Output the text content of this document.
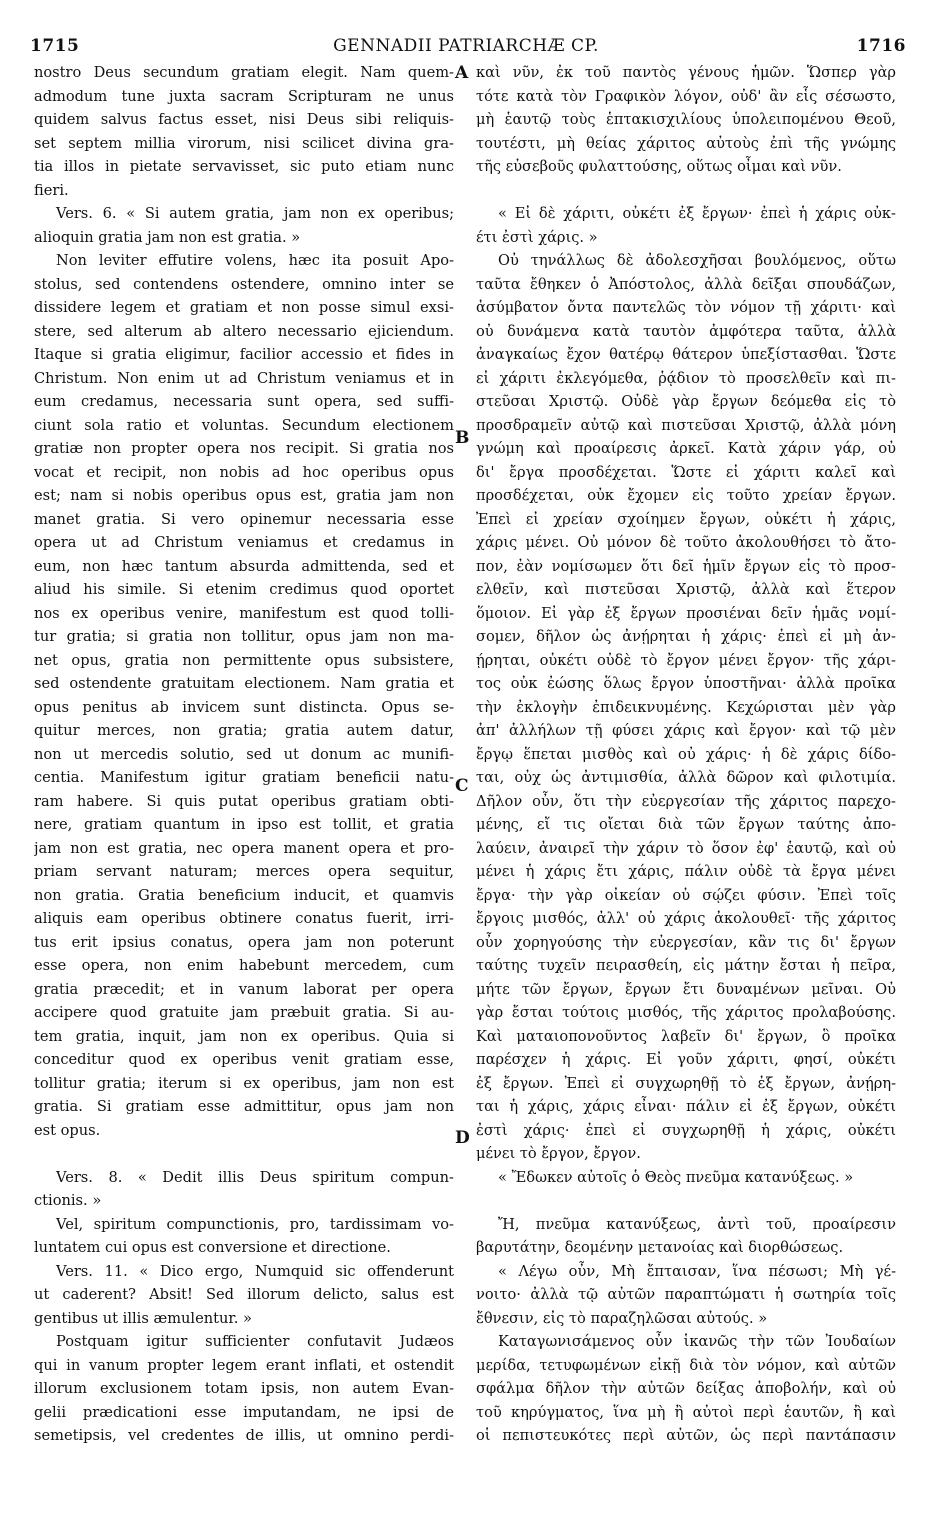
1715	GENNADII PATRIARCHÆ CP.	1716
A
B
C
D
nostro Deus secundum gratiam elegit. Nam quem-
admodum tune juxta sacram Scripturam ne unus
quidem salvus factus esset, nisi Deus sibi reliquis-
set septem millia virorum, nisi scilicet divina gra-
tia illos in pietate servavisset, sic puto etiam nunc
fieri.
Vers. 6. « Si autem gratia, jam non ex operibus;
alioquin gratia jam non est gratia. »
Non leviter effutire volens, hæc ita posuit Apo-
stolus, sed contendens ostendere, omnino inter se
dissidere legem et gratiam et non posse simul exsi-
stere, sed alterum ab altero necessario ejiciendum.
Itaque si gratia eligimur, facilior accessio et fides in
Christum. Non enim ut ad Christum veniamus et in
eum credamus, necessaria sunt opera, sed suffi-
ciunt sola ratio et voluntas. Secundum electionem
gratiæ non propter opera nos recipit. Si gratia nos
vocat et recipit, non nobis ad hoc operibus opus
est; nam si nobis operibus opus est, gratia jam non
manet gratia. Si vero opinemur necessaria esse
opera ut ad Christum veniamus et credamus in
eum, non hæc tantum absurda admittenda, sed et
aliud his simile. Si etenim credimus quod oportet
nos ex operibus venire, manifestum est quod tolli-
tur gratia; si gratia non tollitur, opus jam non ma-
net opus, gratia non permittente opus subsistere,
sed ostendente gratuitam electionem. Nam gratia et
opus penitus ab invicem sunt distincta. Opus se-
quitur merces, non gratia; gratia autem datur,
non ut mercedis solutio, sed ut donum ac munifi-
centia. Manifestum igitur gratiam beneficii natu-
ram habere. Si quis putat operibus gratiam obti-
nere, gratiam quantum in ipso est tollit, et gratia
jam non est gratia, nec opera manent opera et pro-
priam servant naturam; merces opera sequitur,
non gratia. Gratia beneficium inducit, et quamvis
aliquis eam operibus obtinere conatus fuerit, irri-
tus erit ipsius conatus, opera jam non poterunt
esse opera, non enim habebunt mercedem, cum
gratia præcedit; et in vanum laborat per opera
accipere quod gratuite jam præbuit gratia. Si au-
tem gratia, inquit, jam non ex operibus. Quia si
conceditur quod ex operibus venit gratiam esse,
tollitur gratia; iterum si ex operibus, jam non est
gratia. Si gratiam esse admittitur, opus jam non
est opus.
Vers. 8. « Dedit illis Deus spiritum compun-
ctionis. »
Vel, spiritum compunctionis, pro, tardissimam vo-
luntatem cui opus est conversione et directione.
Vers. 11. « Dico ergo, Numquid sic offenderunt
ut caderent? Absit! Sed illorum delicto, salus est
gentibus ut illis æmulentur. »
Postquam igitur sufficienter confutavit Judæos
qui in vanum propter legem erant inflati, et ostendit
illorum exclusionem totam ipsis, non autem Evan-
gelii prædicationi esse imputandam, ne ipsi de
semetipsis, vel credentes de illis, ut omnino perdi-
καὶ νῦν, ἐκ τοῦ παντὸς γένους ἡμῶν. Ὥσπερ γὰρ
τότε κατὰ τὸν Γραφικὸν λόγον, οὐδ' ἂν εἷς σέσωστο,
μὴ ἑαυτῷ τοὺς ἑπτακισχιλίους ὑπολειπομένου Θεοῦ,
τουτέστι, μὴ θείας χάριτος αὐτοὺς ἐπὶ τῆς γνώμης
τῆς εὐσεβοῦς φυλαττούσης, οὕτως οἶμαι καὶ νῦν.
« Εἰ δὲ χάριτι, οὐκέτι ἐξ ἔργων· ἐπεὶ ἡ χάρις οὐκ-
έτι ἐστὶ χάρις. »
Οὐ τηνάλλως δὲ ἀδολεσχῆσαι βουλόμενος, οὕτω
ταῦτα ἔθηκεν ὁ Ἀπόστολος, ἀλλὰ δεῖξαι σπουδάζων,
ἀσύμβατον ὄντα παντελῶς τὸν νόμον τῇ χάριτι· καὶ
οὐ δυνάμενα κατὰ ταυτὸν ἀμφότερα ταῦτα, ἀλλὰ
ἀναγκαίως ἔχον θατέρῳ θάτερον ὑπεξίστασθαι. Ὥστε
εἰ χάριτι ἐκλεγόμεθα, ῥᾴδιον τὸ προσελθεῖν καὶ πι-
στεῦσαι Χριστῷ. Οὐδὲ γὰρ ἔργων δεόμεθα εἰς τὸ
προσδραμεῖν αὐτῷ καὶ πιστεῦσαι Χριστῷ, ἀλλὰ μόνη
γνώμη καὶ προαίρεσις ἀρκεῖ. Κατὰ χάριν γάρ, οὐ
δι' ἔργα προσδέχεται. Ὥστε εἰ χάριτι καλεῖ καὶ
προσδέχεται, οὐκ ἔχομεν εἰς τοῦτο χρείαν ἔργων.
Ἐπεὶ εἰ χρείαν σχοίημεν ἔργων, οὐκέτι ἡ χάρις,
χάρις μένει. Οὐ μόνον δὲ τοῦτο ἀκολουθήσει τὸ ἄτο-
πον, ἐὰν νομίσωμεν ὅτι δεῖ ἡμῖν ἔργων εἰς τὸ προσ-
ελθεῖν, καὶ πιστεῦσαι Χριστῷ, ἀλλὰ καὶ ἕτερον
ὅμοιον. Εἰ γὰρ ἐξ ἔργων προσιέναι δεῖν ἡμᾶς νομί-
σομεν, δῆλον ὡς ἀνῄρηται ἡ χάρις· ἐπεὶ εἰ μὴ ἀν-
ῄρηται, οὐκέτι οὐδὲ τὸ ἔργον μένει ἔργον· τῆς χάρι-
τος οὐκ ἐώσης ὅλως ἔργον ὑποστῆναι· ἀλλὰ προῖκα
τὴν ἐκλογὴν ἐπιδεικνυμένης. Κεχώρισται μὲν γὰρ
ἀπ' ἀλλήλων τῇ φύσει χάρις καὶ ἔργον· καὶ τῷ μὲν
ἔργῳ ἕπεται μισθὸς καὶ οὐ χάρις· ἡ δὲ χάρις δίδο-
ται, οὐχ ὡς ἀντιμισθία, ἀλλὰ δῶρον καὶ φιλοτιμία.
Δῆλον οὖν, ὅτι τὴν εὐεργεσίαν τῆς χάριτος παρεχο-
μένης, εἴ τις οἴεται διὰ τῶν ἔργων ταύτης ἀπο-
λαύειν, ἀναιρεῖ τὴν χάριν τὸ ὅσον ἐφ' ἑαυτῷ, καὶ οὐ
μένει ἡ χάρις ἔτι χάρις, πάλιν οὐδὲ τὰ ἔργα μένει
ἔργα· τὴν γὰρ οἰκείαν οὐ σῴζει φύσιν. Ἐπεὶ τοῖς
ἔργοις μισθός, ἀλλ' οὐ χάρις ἀκολουθεῖ· τῆς χάριτος
οὖν χορηγούσης τὴν εὐεργεσίαν, κἂν τις δι' ἔργων
ταύτης τυχεῖν πειρασθείη, εἰς μάτην ἔσται ἡ πεῖρα,
μήτε τῶν ἔργων, ἔργων ἔτι δυναμένων μεῖναι. Οὐ
γὰρ ἔσται τούτοις μισθός, τῆς χάριτος προλαβούσης.
Καὶ ματαιοπονοῦντος λαβεῖν δι' ἔργων, ὃ προῖκα
παρέσχεν ἡ χάρις. Εἰ γοῦν χάριτι, φησί, οὐκέτι
ἐξ ἔργων. Ἐπεὶ εἰ συγχωρηθῇ τὸ ἐξ ἔργων, ἀνῄρη-
ται ἡ χάρις, χάρις εἶναι· πάλιν εἰ ἐξ ἔργων, οὐκέτι
ἐστὶ χάρις· ἐπεὶ εἰ συγχωρηθῇ ἡ χάρις, οὐκέτι
μένει τὸ ἔργον, ἔργον.
« Ἔδωκεν αὐτοῖς ὁ Θεὸς πνεῦμα κατανύξεως. »
Ἤ, πνεῦμα κατανύξεως, ἀντὶ τοῦ, προαίρεσιν
βαρυτάτην, δεομένην μετανοίας καὶ διορθώσεως.
« Λέγω οὖν, Μὴ ἔπταισαν, ἵνα πέσωσι; Μὴ γέ-
νοιτο· ἀλλὰ τῷ αὐτῶν παραπτώματι ἡ σωτηρία τοῖς
ἔθνεσιν, εἰς τὸ παραζηλῶσαι αὐτούς. »
Καταγωνισάμενος οὖν ἱκανῶς τὴν τῶν Ἰουδαίων
μερίδα, τετυφωμένων εἰκῇ διὰ τὸν νόμον, καὶ αὐτῶν
σφάλμα δῆλον τὴν αὐτῶν δείξας ἀποβολήν, καὶ οὐ
τοῦ κηρύγματος, ἵνα μὴ ἢ αὐτοὶ περὶ ἑαυτῶν, ἢ καὶ
οἱ πεπιστευκότες περὶ αὐτῶν, ὡς περὶ παντάπασιν
